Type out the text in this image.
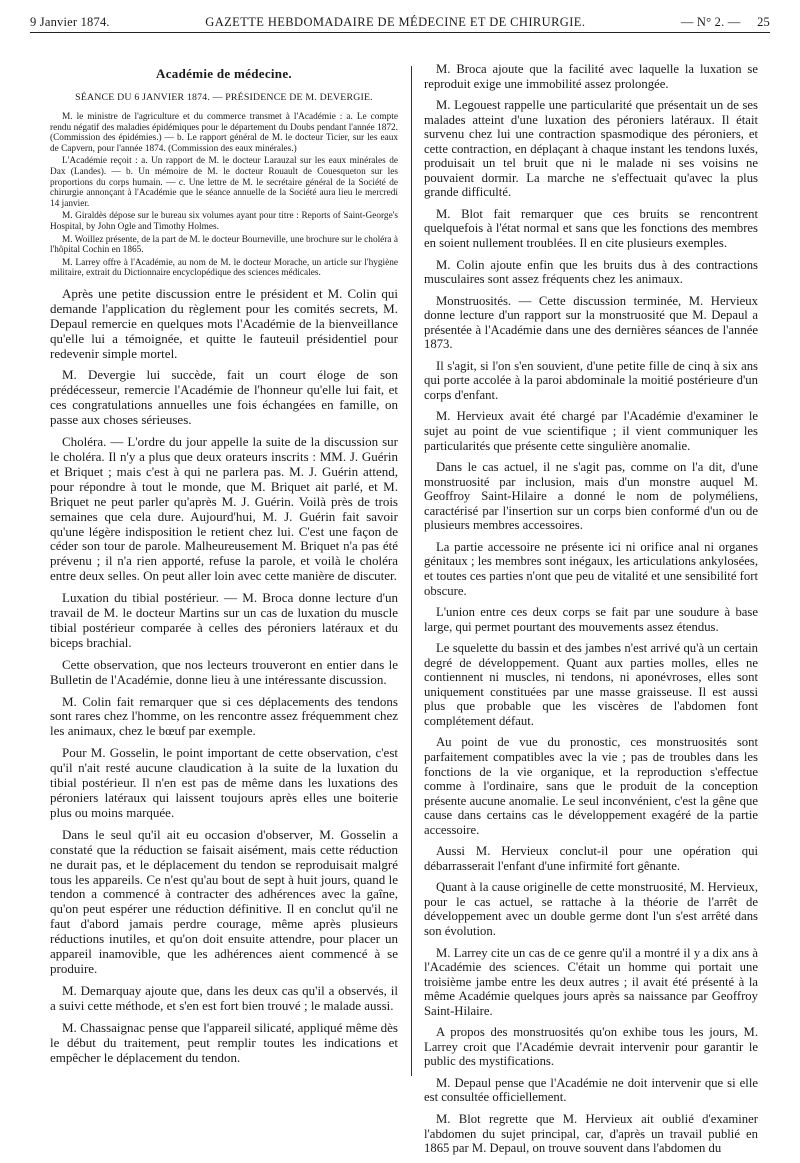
9 Janvier 1874.	GAZETTE HEBDOMADAIRE DE MÉDECINE ET DE CHIRURGIE.	— N° 2. — 25
Académie de médecine.
SÉANCE DU 6 JANVIER 1874. — PRÉSIDENCE DE M. DEVERGIE.

M. le ministre de l'agriculture et du commerce transmet à l'Académie : a. Le compte rendu négatif des maladies épidémiques pour le département du Doubs pendant l'année 1872. (Commission des épidémies.) — b. Le rapport général de M. le docteur Ticier, sur les eaux de Capvern, pour l'année 1874. (Commission des eaux minérales.)

L'Académie reçoit : a. Un rapport de M. le docteur Larauzal sur les eaux minérales de Dax (Landes). — b. Un mémoire de M. le docteur Rouault de Couesqueton sur les proportions du corps humain. — c. Une lettre de M. le secrétaire général de la Société de chirurgie annonçant à l'Académie que le séance annuelle de la Société aura lieu le mercredi 14 janvier.

M. Giraldès dépose sur le bureau six volumes ayant pour titre : Reports of Saint-George's Hospital, by John Ogle and Timothy Holmes.

M. Woillez présente, de la part de M. le docteur Bourneville, une brochure sur le choléra à l'hôpital Cochin en 1865.

M. Larrey offre à l'Académie, au nom de M. le docteur Morache, un article sur l'hygiène militaire, extrait du Dictionnaire encyclopédique des sciences médicales.

Après une petite discussion entre le président et M. Colin qui demande l'application du règlement pour les comités secrets, M. Depaul remercie en quelques mots l'Académie de la bienveillance qu'elle lui a témoignée, et quitte le fauteuil présidentiel pour redevenir simple mortel.

M. Devergie lui succède, fait un court éloge de son prédécesseur, remercie l'Académie de l'honneur qu'elle lui fait, et ces congratulations annuelles une fois échangées en famille, on passe aux choses sérieuses.

Choléra. — L'ordre du jour appelle la suite de la discussion sur le choléra. Il n'y a plus que deux orateurs inscrits : MM. J. Guérin et Briquet ; mais c'est à qui ne parlera pas. M. J. Guérin attend, pour répondre à tout le monde, que M. Briquet ait parlé, et M. Briquet ne peut parler qu'après M. J. Guérin. Voilà près de trois semaines que cela dure. Aujourd'hui, M. J. Guérin fait savoir qu'une légère indisposition le retient chez lui. C'est une façon de céder son tour de parole. Malheureusement M. Briquet n'a pas été prévenu ; il n'a rien apporté, refuse la parole, et voilà le choléra entre deux selles. On peut aller loin avec cette manière de discuter.

Luxation du tibial postérieur. — M. Broca donne lecture d'un travail de M. le docteur Martins sur un cas de luxation du muscle tibial postérieur comparée à celles des péroniers latéraux et du biceps brachial.

Cette observation, que nos lecteurs trouveront en entier dans le Bulletin de l'Académie, donne lieu à une intéressante discussion.

M. Colin fait remarquer que si ces déplacements des tendons sont rares chez l'homme, on les rencontre assez fréquemment chez les animaux, chez le bœuf par exemple.

Pour M. Gosselin, le point important de cette observation, c'est qu'il n'ait resté aucune claudication à la suite de la luxation du tibial postérieur. Il n'en est pas de même dans les luxations des péroniers latéraux qui laissent toujours après elles une boiterie plus ou moins marquée.

Dans le seul qu'il ait eu occasion d'observer, M. Gosselin a constaté que la réduction se faisait aisément, mais cette réduction ne durait pas, et le déplacement du tendon se reproduisait malgré tous les appareils. Ce n'est qu'au bout de sept à huit jours, quand le tendon a commencé à contracter des adhérences avec la gaîne, qu'on peut espérer une réduction définitive. Il en conclut qu'il ne faut d'abord jamais perdre courage, même après plusieurs réductions inutiles, et qu'on doit ensuite attendre, pour placer un appareil inamovible, que les adhérences aient commencé à se produire.

M. Demarquay ajoute que, dans les deux cas qu'il a observés, il a suivi cette méthode, et s'en est fort bien trouvé ; le malade aussi.

M. Chassaignac pense que l'appareil silicaté, appliqué même dès le début du traitement, peut remplir toutes les indications et empêcher le déplacement du tendon.

M. Broca ajoute que la facilité avec laquelle la luxation se reproduit exige une immobilité assez prolongée.

M. Legouest rappelle une particularité que présentait un de ses malades atteint d'une luxation des péroniers latéraux. Il était survenu chez lui une contraction spasmodique des péroniers, et cette contraction, en déplaçant à chaque instant les tendons luxés, produisait un tel bruit que ni le malade ni ses voisins ne pouvaient dormir. La marche ne s'effectuait qu'avec la plus grande difficulté.

M. Blot fait remarquer que ces bruits se rencontrent quelquefois à l'état normal et sans que les fonctions des membres en soient nullement troublées. Il en cite plusieurs exemples.

M. Colin ajoute enfin que les bruits dus à des contractions musculaires sont assez fréquents chez les animaux.

Monstruosités. — Cette discussion terminée, M. Hervieux donne lecture d'un rapport sur la monstruosité que M. Depaul a présentée à l'Académie dans une des dernières séances de l'année 1873.

Il s'agit, si l'on s'en souvient, d'une petite fille de cinq à six ans qui porte accolée à la paroi abdominale la moitié postérieure d'un corps d'enfant.

M. Hervieux avait été chargé par l'Académie d'examiner le sujet au point de vue scientifique ; il vient communiquer les particularités que présente cette singulière anomalie.

Dans le cas actuel, il ne s'agit pas, comme on l'a dit, d'une monstruosité par inclusion, mais d'un monstre auquel M. Geoffroy Saint-Hilaire a donné le nom de polyméliens, caractérisé par l'insertion sur un corps bien conformé d'un ou de plusieurs membres accessoires.

La partie accessoire ne présente ici ni orifice anal ni organes génitaux ; les membres sont inégaux, les articulations ankylosées, et toutes ces parties n'ont que peu de vitalité et une sensibilité fort obscure.

L'union entre ces deux corps se fait par une soudure à base large, qui permet pourtant des mouvements assez étendus.

Le squelette du bassin et des jambes n'est arrivé qu'à un certain degré de développement. Quant aux parties molles, elles ne contiennent ni muscles, ni tendons, ni aponévroses, elles sont uniquement constituées par une masse graisseuse. Il est aussi plus que probable que les viscères de l'abdomen font complétement défaut.

Au point de vue du pronostic, ces monstruosités sont parfaitement compatibles avec la vie ; pas de troubles dans les fonctions de la vie organique, et la reproduction s'effectue comme à l'ordinaire, sans que le produit de la conception présente aucune anomalie. Le seul inconvénient, c'est la gêne que cause dans certains cas le développement exagéré de la partie accessoire.

Aussi M. Hervieux conclut-il pour une opération qui débarrasserait l'enfant d'une infirmité fort gênante.

Quant à la cause originelle de cette monstruosité, M. Hervieux, pour le cas actuel, se rattache à la théorie de l'arrêt de développement avec un double germe dont l'un s'est arrêté dans son évolution.

M. Larrey cite un cas de ce genre qu'il a montré il y a dix ans à l'Académie des sciences. C'était un homme qui portait une troisième jambe entre les deux autres ; il avait été présenté à la même Académie quelques jours après sa naissance par Geoffroy Saint-Hilaire.

A propos des monstruosités qu'on exhibe tous les jours, M. Larrey croit que l'Académie devrait intervenir pour garantir le public des mystifications.

M. Depaul pense que l'Académie ne doit intervenir que si elle est consultée officiellement.

M. Blot regrette que M. Hervieux ait oublié d'examiner l'abdomen du sujet principal, car, d'après un travail publié en 1865 par M. Depaul, on trouve souvent dans l'abdomen du
